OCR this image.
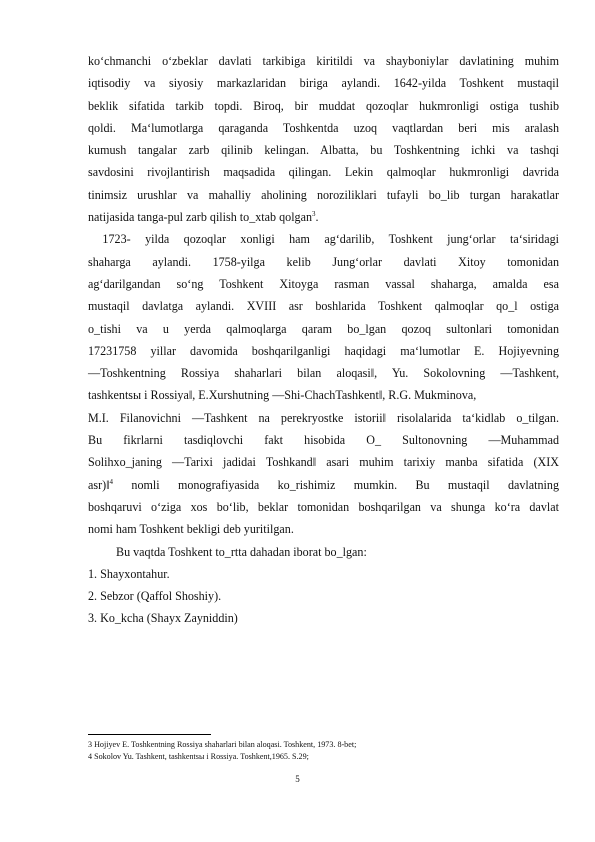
ko‘chmanchi o‘zbeklar davlati tarkibiga kiritildi va shayboniylar davlatining muhim
iqtisodiy va siyosiy markazlaridan biriga aylandi. 1642-yilda Toshkent mustaqil
beklik sifatida tarkib topdi. Biroq, bir muddat qozoqlar hukmronligi ostiga tushib
qoldi. Ma‘lumotlarga qaraganda Toshkentda uzoq vaqtlardan beri mis aralash
kumush tangalar zarb qilinib kelingan. Albatta, bu Toshkentning ichki va tashqi
savdosini rivojlantirish maqsadida qilingan. Lekin qalmoqlar hukmronligi davrida
tinimsiz urushlar va mahalliy aholining noroziliklari tufayli bo_lib turgan harakatlar
natijasida tanga-pul zarb qilish to_xtab qolgan$^3$.
1723-  yilda  qozoqlar  xonligi  ham  ag‘darilib,  Toshkent  jung‘orlar  ta‘siridagi
shaharga aylandi. 1758-yilga kelib Jung‘orlar davlati Xitoy tomonidan
ag‘darilgandan so‘ng Toshkent Xitoyga rasman vassal shaharga, amalda esa
mustaqil davlatga aylandi. XVIII asr boshlarida Toshkent qalmoqlar qo_l ostiga
o_tishi va u yerda qalmoqlarga qaram bo_lgan qozoq sultonlari tomonidan
17231758 yillar davomida boshqarilganligi haqidagi ma‘lumotlar E. Hojiyevning
―Toshkentning Rossiya shaharlari bilan aloqasi‖, Yu. Sokolovning ―Tashkent,
tashkentsы i Rossiya‖, E.Xurshutning ―Shi-ChachTashkent‖, R.G. Mukminova,
M.I. Filanovichni ―Tashkent na perekryostke istorii‖ risolalarida ta‘kidlab o_tilgan.
Bu fikrlarni tasdiqlovchi fakt hisobida O_ Sultonovning ―Muhammad
Solihxo_janing ―Tarixi jadidai Toshkand‖ asari muhim tarixiy manba sifatida (XIX
asr)‖$^4$ nomli monografiyasida ko_rishimiz mumkin. Bu mustaqil davlatning
boshqaruvi o‘ziga xos bo‘lib, beklar tomonidan boshqarilgan va shunga ko‘ra davlat
nomi ham Toshkent bekligi deb yuritilgan.
Bu vaqtda Toshkent to_rtta dahadan iborat bo_lgan:
1. Shayxontahur.
2. Sebzor (Qaffol Shoshiy).
3. Ko_kcha (Shayx Zayniddin)
3 Hojiyev E. Toshkentning Rossiya shaharlari bilan aloqasi. Toshkent, 1973. 8-bet;
4 Sokolov Yu. Tashkent, tashkentsы i Rossiya. Toshkent,1965. S.29;
5
